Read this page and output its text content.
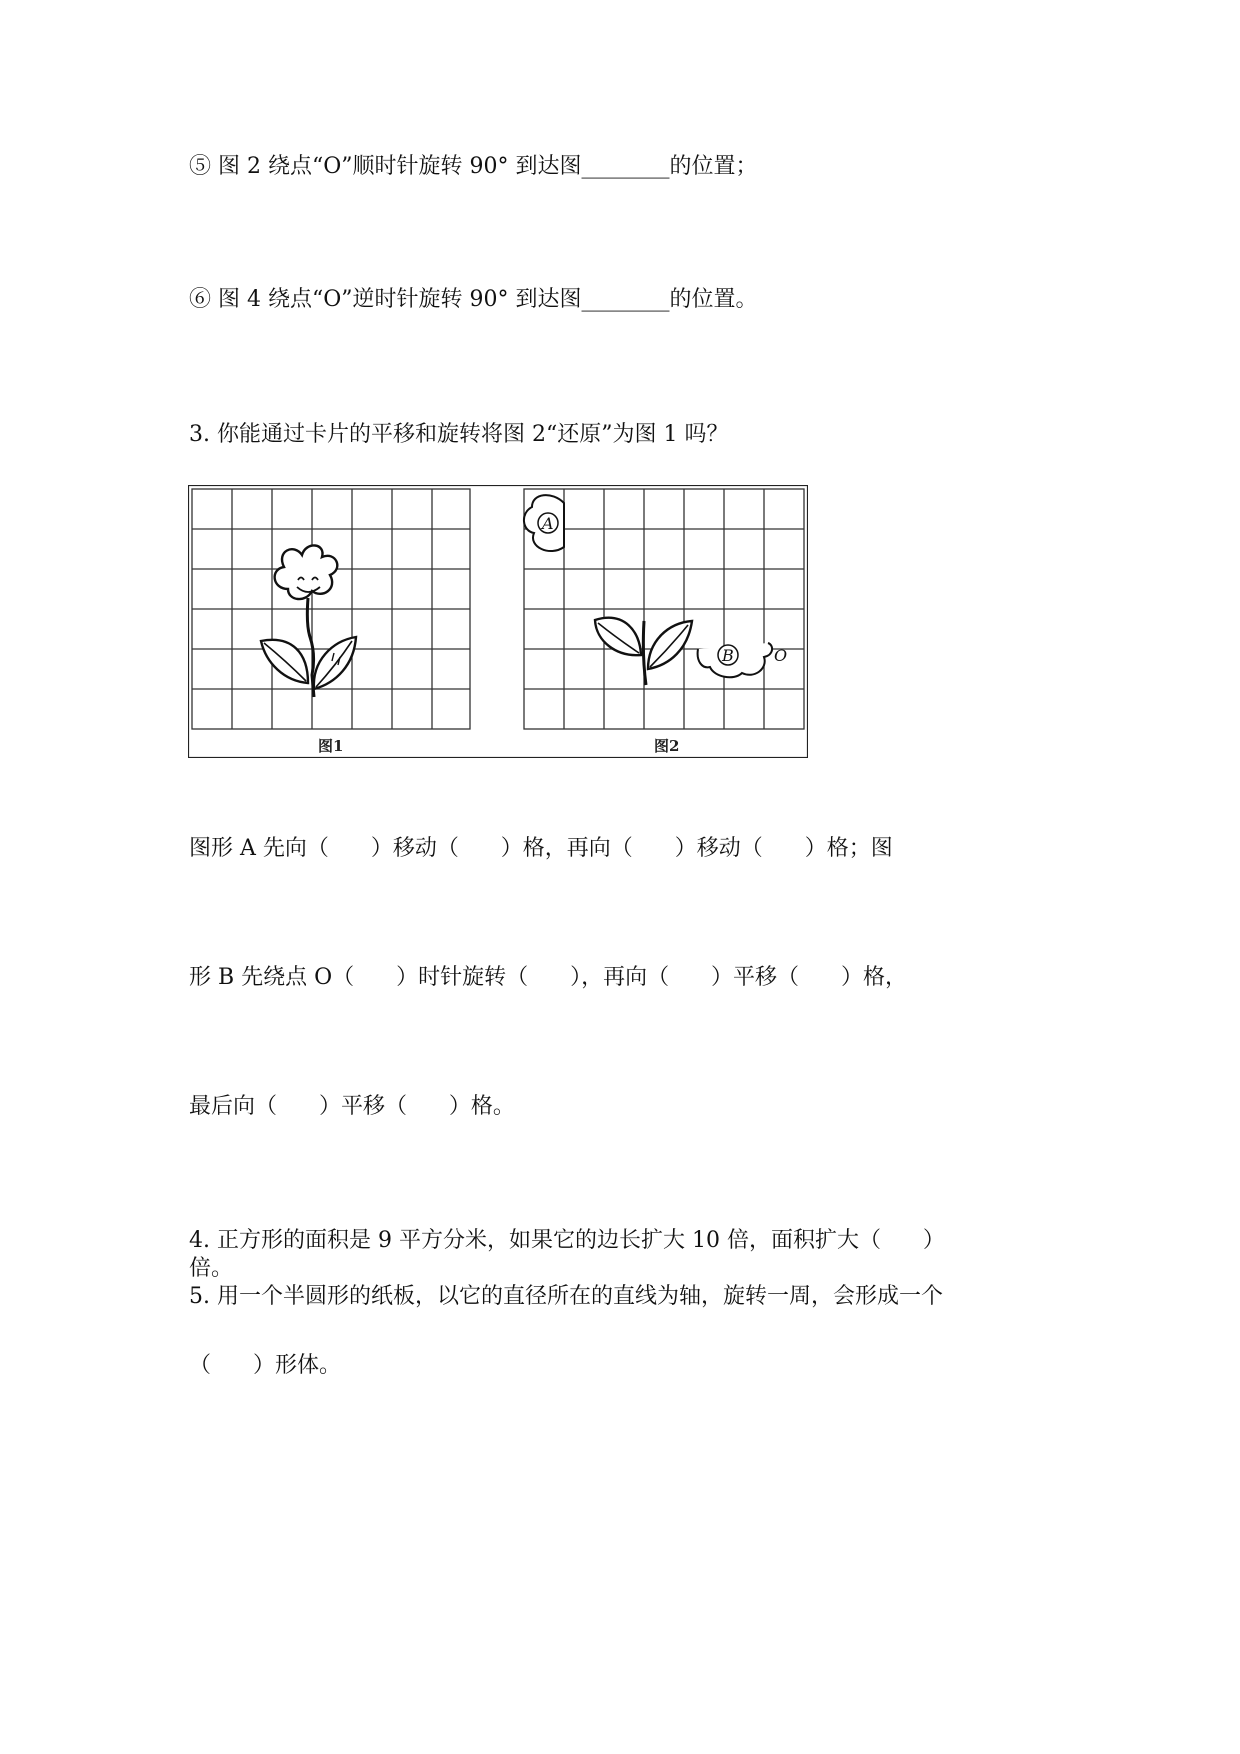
⑤ 图 2 绕点“O”顺时针旋转 90° 到达图________的位置；
⑥ 图 4 绕点“O”逆时针旋转 90° 到达图________的位置。
3. 你能通过卡片的平移和旋转将图 2“还原”为图 1 吗？
A
B	O
图1	图2
图形 A 先向（      ）移动（      ）格，再向（      ）移动（      ）格；图
形 B 先绕点 O（      ）时针旋转（      ），再向（      ）平移（      ）格，
最后向（      ）平移（      ）格。
4. 正方形的面积是 9 平方分米，如果它的边长扩大 10 倍，面积扩大（      ）
倍。
5. 用一个半圆形的纸板，以它的直径所在的直线为轴，旋转一周，会形成一个
（      ）形体。
